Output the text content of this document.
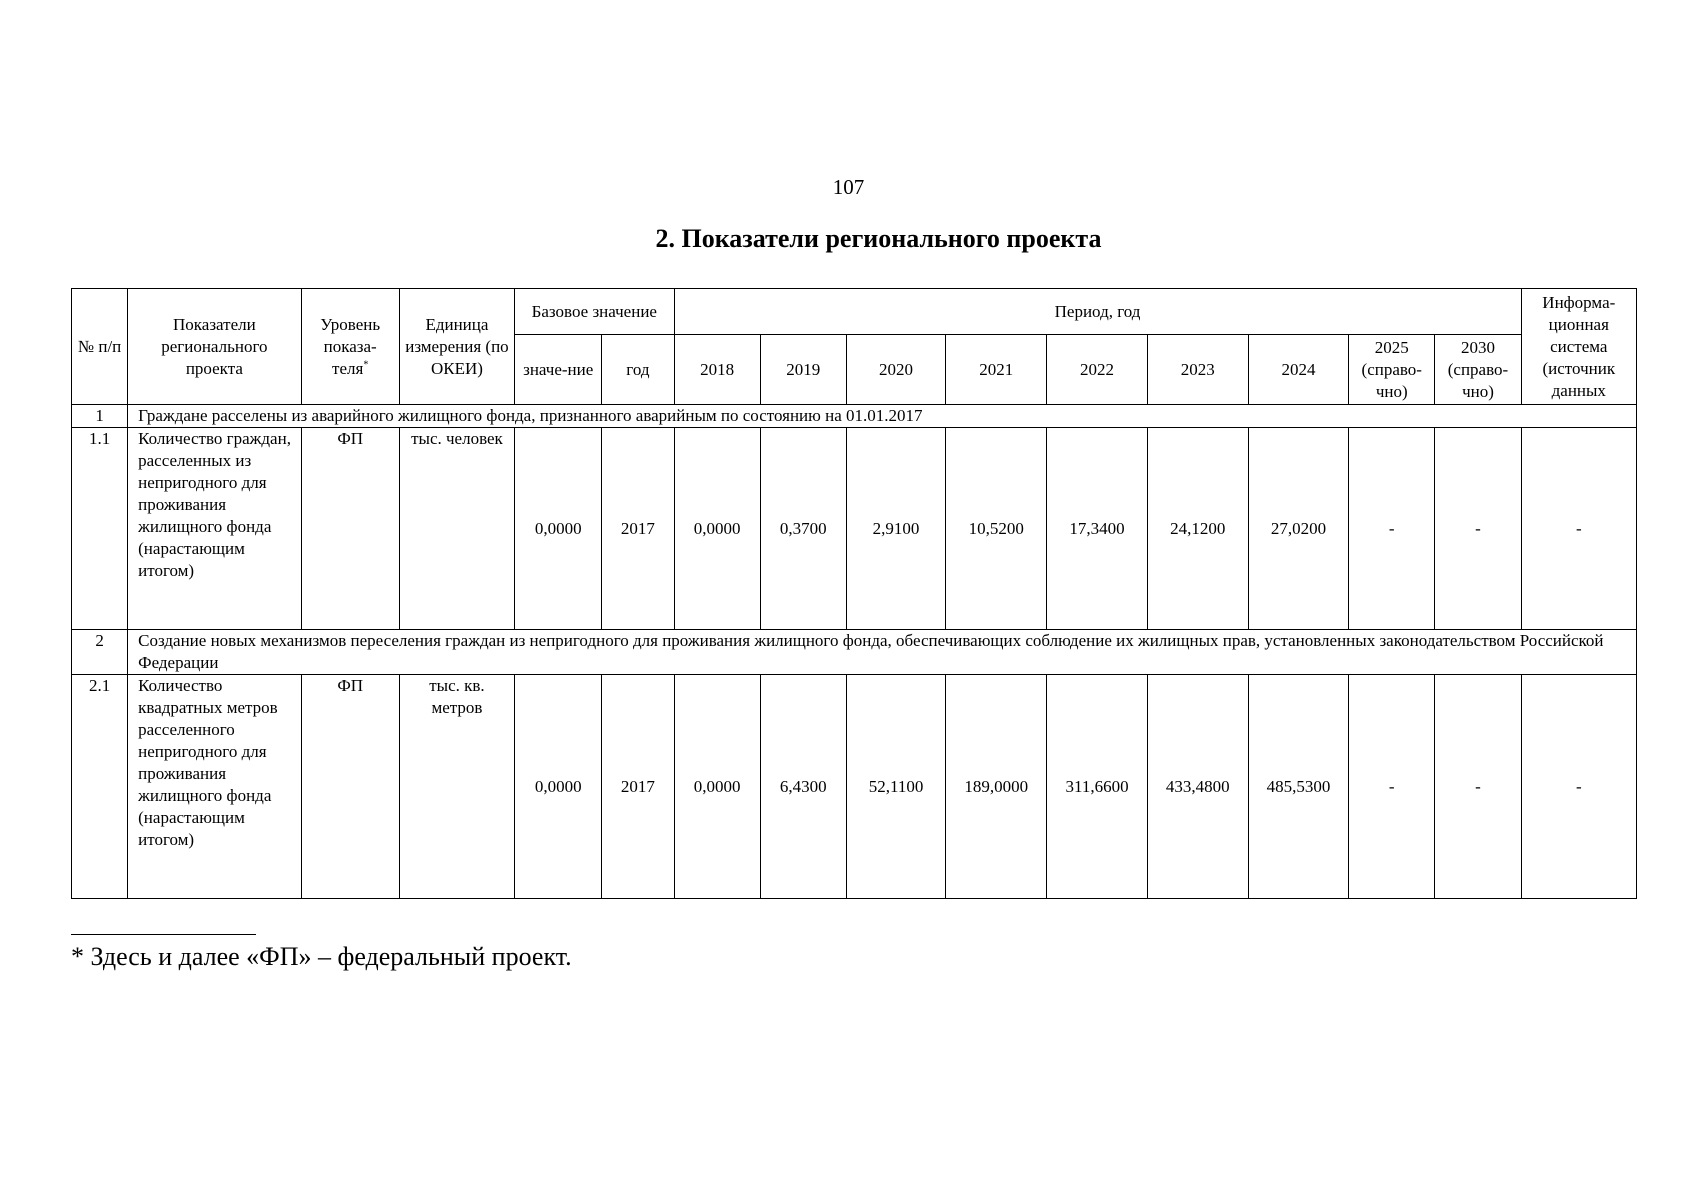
107
2. Показатели регионального проекта
№ п/п	Показатели регионального проекта	Уровень показа-теля*	Единица измерения (по ОКЕИ)	Базовое значение		Период, год									Информа-ционная система (источник данных
				значе-ние	год	2018	2019	2020	2021	2022	2023	2024	2025 (справо-чно)	2030 (справо-чно)	
1	Граждане расселены из аварийного жилищного фонда, признанного аварийным по состоянию на 01.01.2017														
1.1	Количество граждан, расселенных из непригодного для проживания жилищного фонда (нарастающим итогом)	ФП	тыс. человек	0,0000	2017	0,0000	0,3700	2,9100	10,5200	17,3400	24,1200	27,0200	-	-	-
2	Создание новых механизмов переселения граждан из непригодного для проживания жилищного фонда, обеспечивающих соблюдение их жилищных прав, установленных законодательством Российской Федерации														
2.1	Количество квадратных метров расселенного непригодного для проживания жилищного фонда (нарастающим итогом)	ФП	тыс. кв. метров	0,0000	2017	0,0000	6,4300	52,1100	189,0000	311,6600	433,4800	485,5300	-	-	-
* Здесь и далее «ФП» – федеральный проект.
